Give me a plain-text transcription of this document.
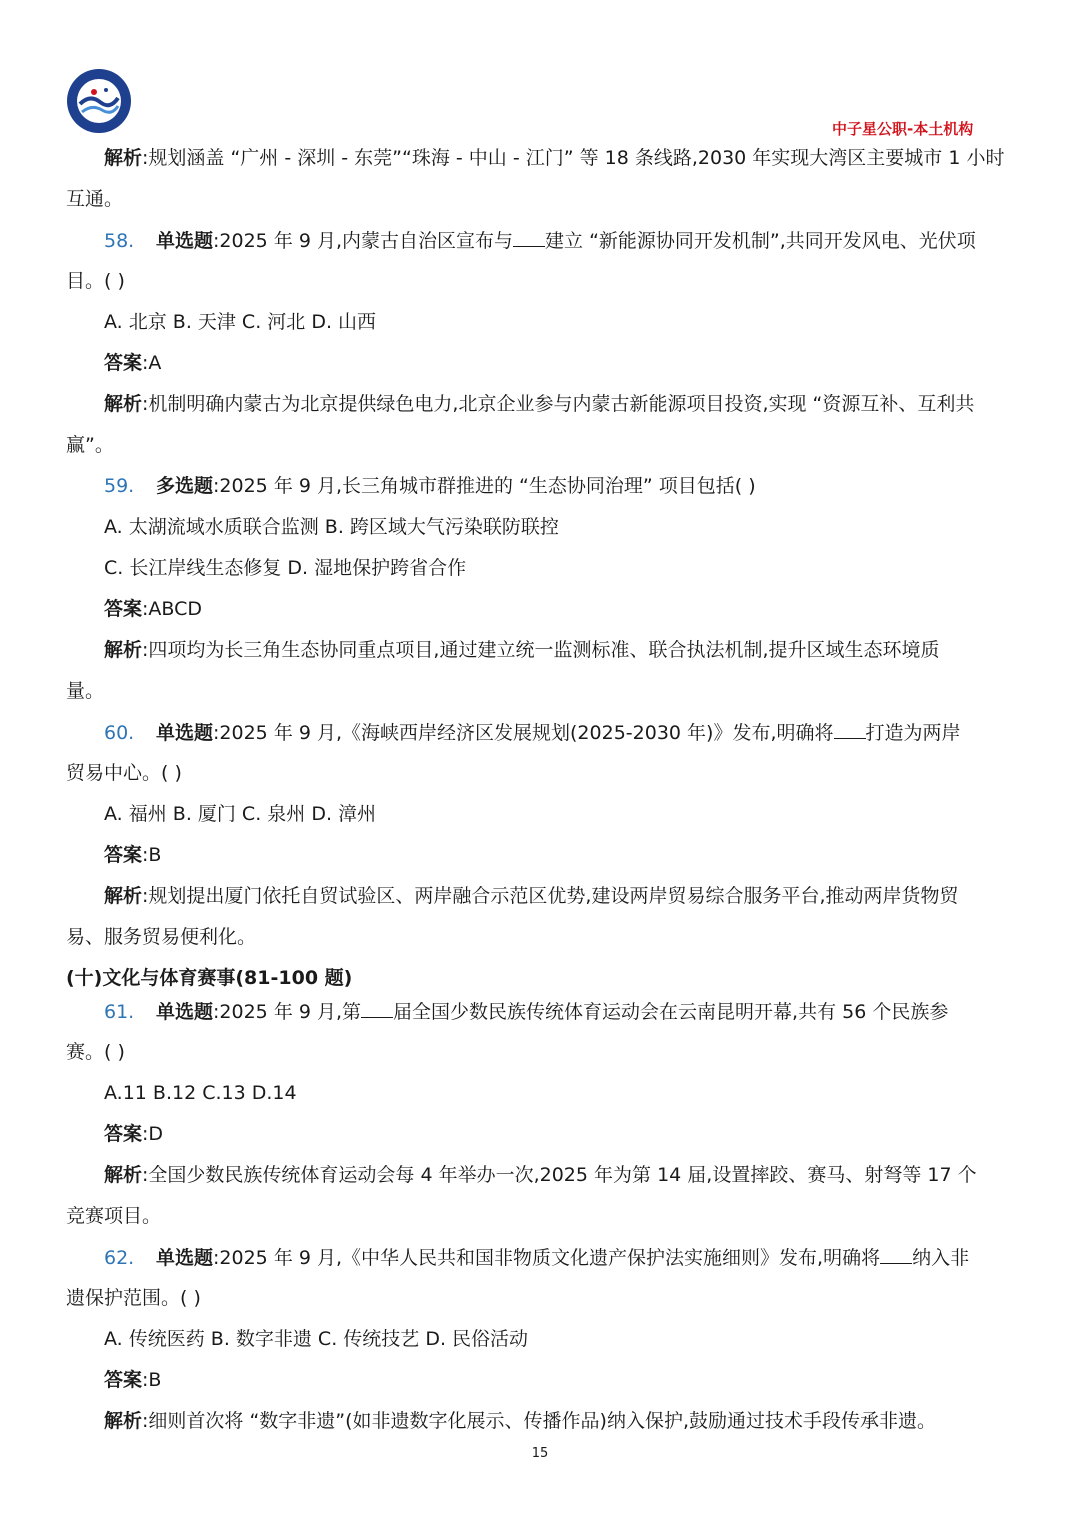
中子星公职-本土机构
解析:规划涵盖 “广州 - 深圳 - 东莞”“珠海 - 中山 - 江门” 等 18 条线路,2030 年实现大湾区主要城市 1 小时
互通。
58. 单选题:2025 年 9 月,内蒙古自治区宣布与 建立 “新能源协同开发机制”,共同开发风电、光伏项
目。( )
A. 北京 B. 天津 C. 河北 D. 山西
答案:A
解析:机制明确内蒙古为北京提供绿色电力,北京企业参与内蒙古新能源项目投资,实现 “资源互补、互利共
赢”。
59. 多选题:2025 年 9 月,长三角城市群推进的 “生态协同治理” 项目包括( )
A. 太湖流域水质联合监测 B. 跨区域大气污染联防联控
C. 长江岸线生态修复 D. 湿地保护跨省合作
答案:ABCD
解析:四项均为长三角生态协同重点项目,通过建立统一监测标准、联合执法机制,提升区域生态环境质
量。
60. 单选题:2025 年 9 月,《海峡西岸经济区发展规划(2025-2030 年)》发布,明确将 打造为两岸
贸易中心。( )
A. 福州 B. 厦门 C. 泉州 D. 漳州
答案:B
解析:规划提出厦门依托自贸试验区、两岸融合示范区优势,建设两岸贸易综合服务平台,推动两岸货物贸
易、服务贸易便利化。
(十)文化与体育赛事(81-100 题)
61. 单选题:2025 年 9 月,第 届全国少数民族传统体育运动会在云南昆明开幕,共有 56 个民族参
赛。( )
A.11 B.12 C.13 D.14
答案:D
解析:全国少数民族传统体育运动会每 4 年举办一次,2025 年为第 14 届,设置摔跤、赛马、射弩等 17 个
竞赛项目。
62. 单选题:2025 年 9 月,《中华人民共和国非物质文化遗产保护法实施细则》发布,明确将 纳入非
遗保护范围。( )
A. 传统医药 B. 数字非遗 C. 传统技艺 D. 民俗活动
答案:B
解析:细则首次将 “数字非遗”(如非遗数字化展示、传播作品)纳入保护,鼓励通过技术手段传承非遗。
15
